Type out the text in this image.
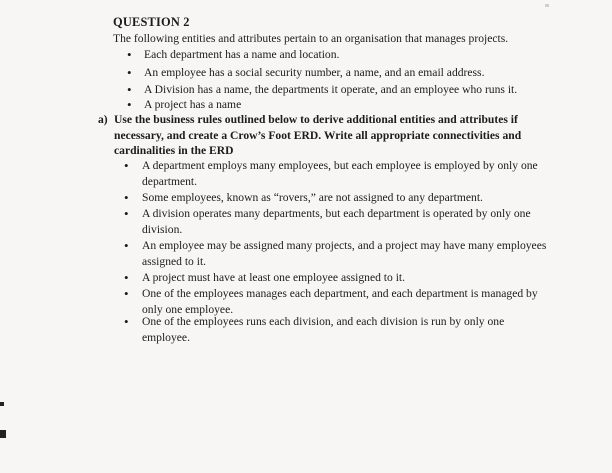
QUESTION 2
The following entities and attributes pertain to an organisation that manages projects.
• Each department has a name and location.
• An employee has a social security number, a name, and an email address.
• A Division has a name, the departments it operate, and an employee who runs it.
• A project has a name
a) Use the business rules outlined below to derive additional entities and attributes if necessary, and create a Crow’s Foot ERD. Write all appropriate connectivities and cardinalities in the ERD
• A department employs many employees, but each employee is employed by only one department.
• Some employees, known as “rovers,” are not assigned to any department.
• A division operates many departments, but each department is operated by only one division.
• An employee may be assigned many projects, and a project may have many employees assigned to it.
• A project must have at least one employee assigned to it.
• One of the employees manages each department, and each department is managed by only one employee.
• One of the employees runs each division, and each division is run by only one employee.
